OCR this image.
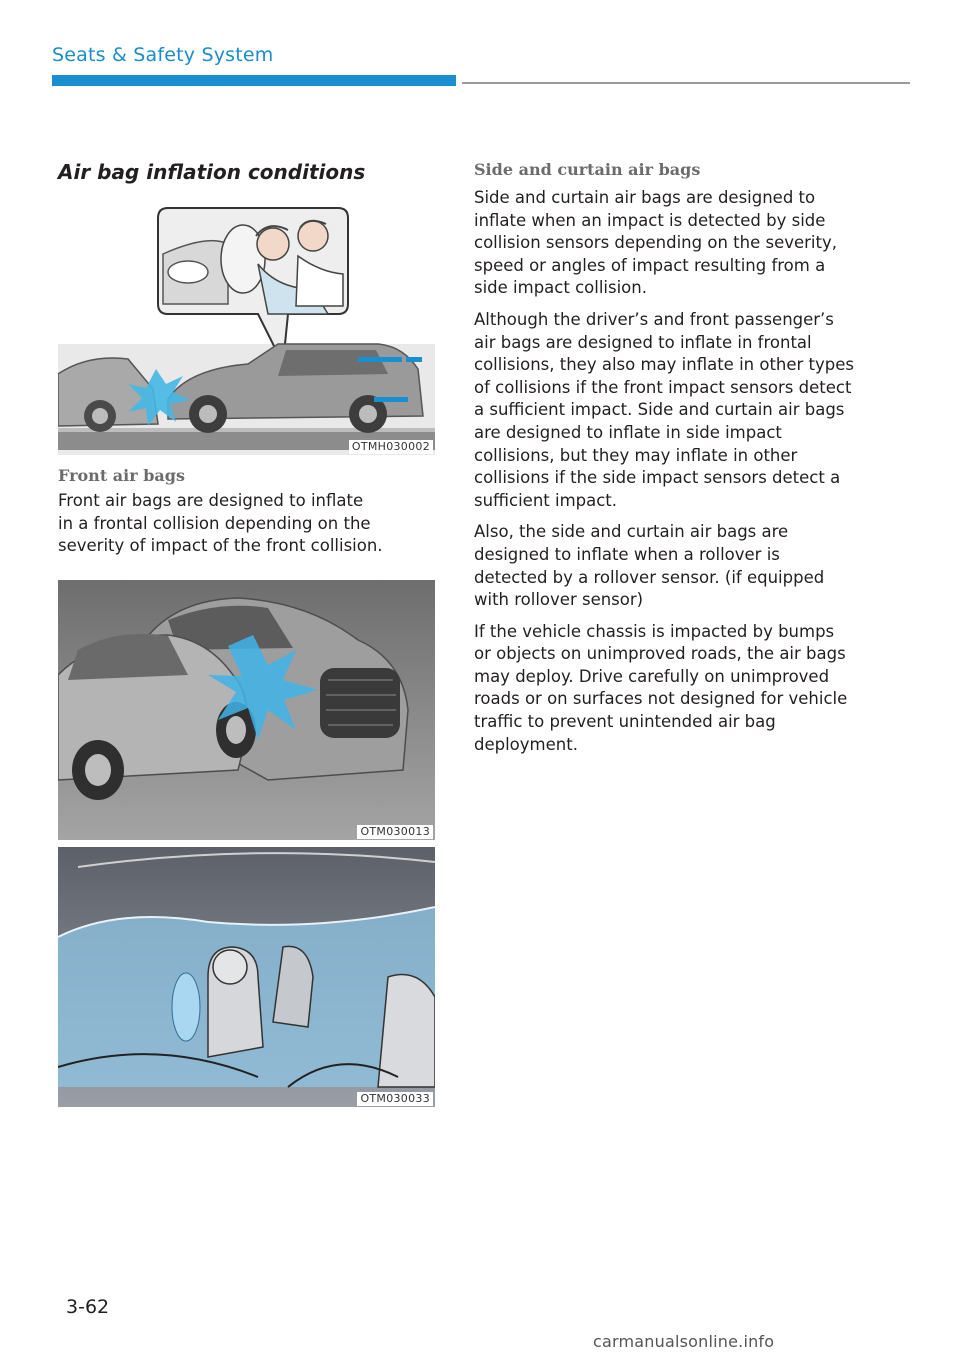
Seats & Safety System
Air bag inflation conditions
OTMH030002
Front air bags
Front air bags are designed to inflate
in a frontal collision depending on the
severity of impact of the front collision.
OTM030013
OTM030033
Side and curtain air bags

Side and curtain air bags are designed to inflate when an impact is detected by side collision sensors depending on the severity, speed or angles of impact resulting from a side impact collision.

Although the driver’s and front passenger’s air bags are designed to inflate in frontal collisions, they also may inflate in other types of collisions if the front impact sensors detect a sufficient impact. Side and curtain air bags are designed to inflate in side impact collisions, but they may inflate in other collisions if the side impact sensors detect a sufficient impact.

Also, the side and curtain air bags are designed to inflate when a rollover is detected by a rollover sensor. (if equipped with rollover sensor)

If the vehicle chassis is impacted by bumps or objects on unimproved roads, the air bags may deploy. Drive carefully on unimproved roads or on surfaces not designed for vehicle traffic to prevent unintended air bag deployment.

3-62
carmanualsonline.info
